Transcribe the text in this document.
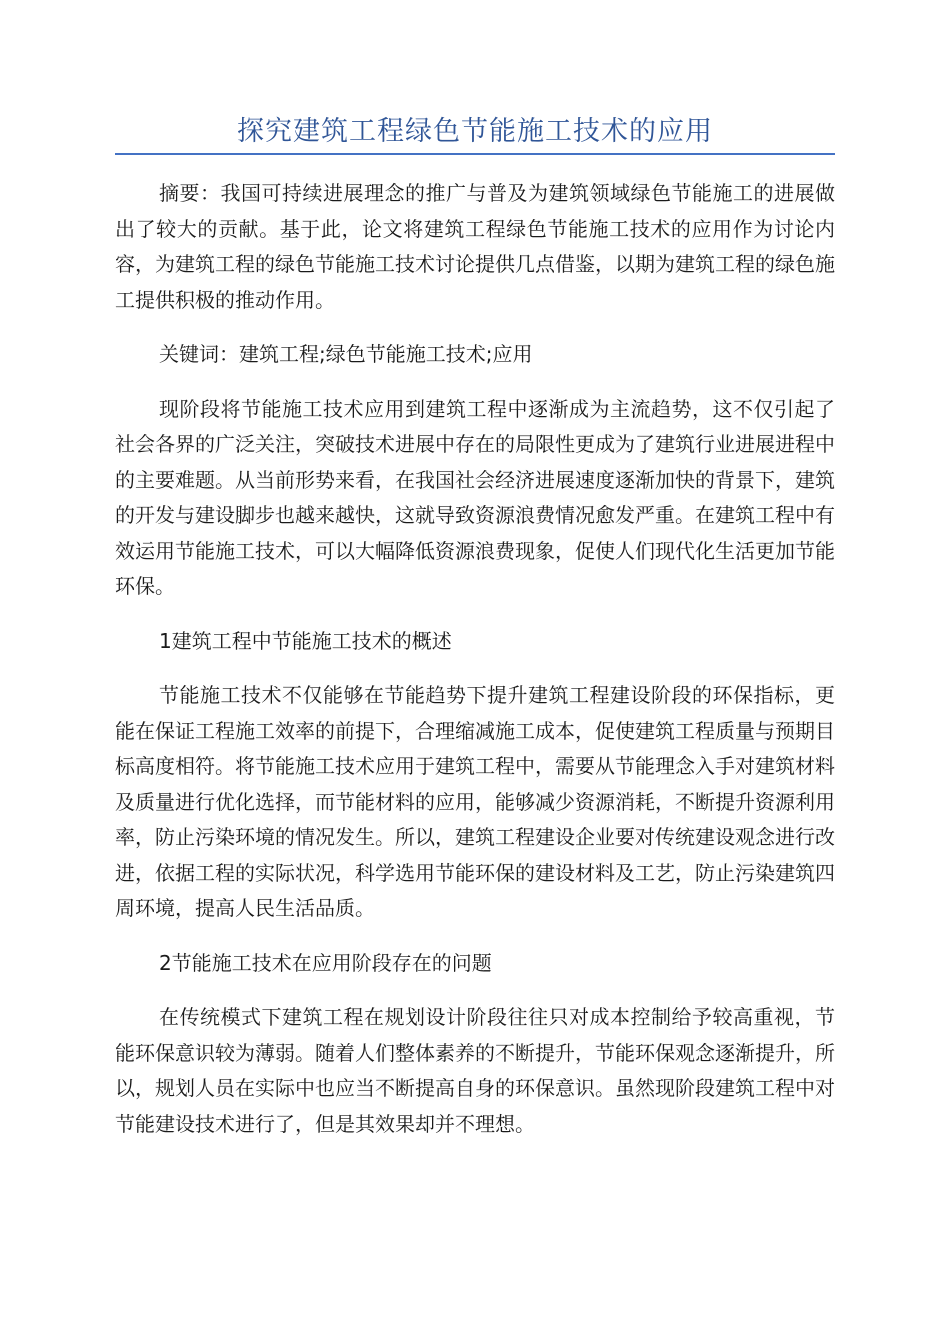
探究建筑工程绿色节能施工技术的应用

摘要：我国可持续进展理念的推广与普及为建筑领域绿色节能施工的进展做出了较大的贡献。基于此，论文将建筑工程绿色节能施工技术的应用作为讨论内容，为建筑工程的绿色节能施工技术讨论提供几点借鉴，以期为建筑工程的绿色施工提供积极的推动作用。

关键词：建筑工程;绿色节能施工技术;应用

现阶段将节能施工技术应用到建筑工程中逐渐成为主流趋势，这不仅引起了社会各界的广泛关注，突破技术进展中存在的局限性更成为了建筑行业进展进程中的主要难题。从当前形势来看，在我国社会经济进展速度逐渐加快的背景下，建筑的开发与建设脚步也越来越快，这就导致资源浪费情况愈发严重。在建筑工程中有效运用节能施工技术，可以大幅降低资源浪费现象，促使人们现代化生活更加节能环保。

1建筑工程中节能施工技术的概述

节能施工技术不仅能够在节能趋势下提升建筑工程建设阶段的环保指标，更能在保证工程施工效率的前提下，合理缩减施工成本，促使建筑工程质量与预期目标高度相符。将节能施工技术应用于建筑工程中，需要从节能理念入手对建筑材料及质量进行优化选择，而节能材料的应用，能够减少资源消耗，不断提升资源利用率，防止污染环境的情况发生。所以，建筑工程建设企业要对传统建设观念进行改进，依据工程的实际状况，科学选用节能环保的建设材料及工艺，防止污染建筑四周环境，提高人民生活品质。

2节能施工技术在应用阶段存在的问题

在传统模式下建筑工程在规划设计阶段往往只对成本控制给予较高重视，节能环保意识较为薄弱。随着人们整体素养的不断提升，节能环保观念逐渐提升，所以，规划人员在实际中也应当不断提高自身的环保意识。虽然现阶段建筑工程中对节能建设技术进行了，但是其效果却并不理想。
